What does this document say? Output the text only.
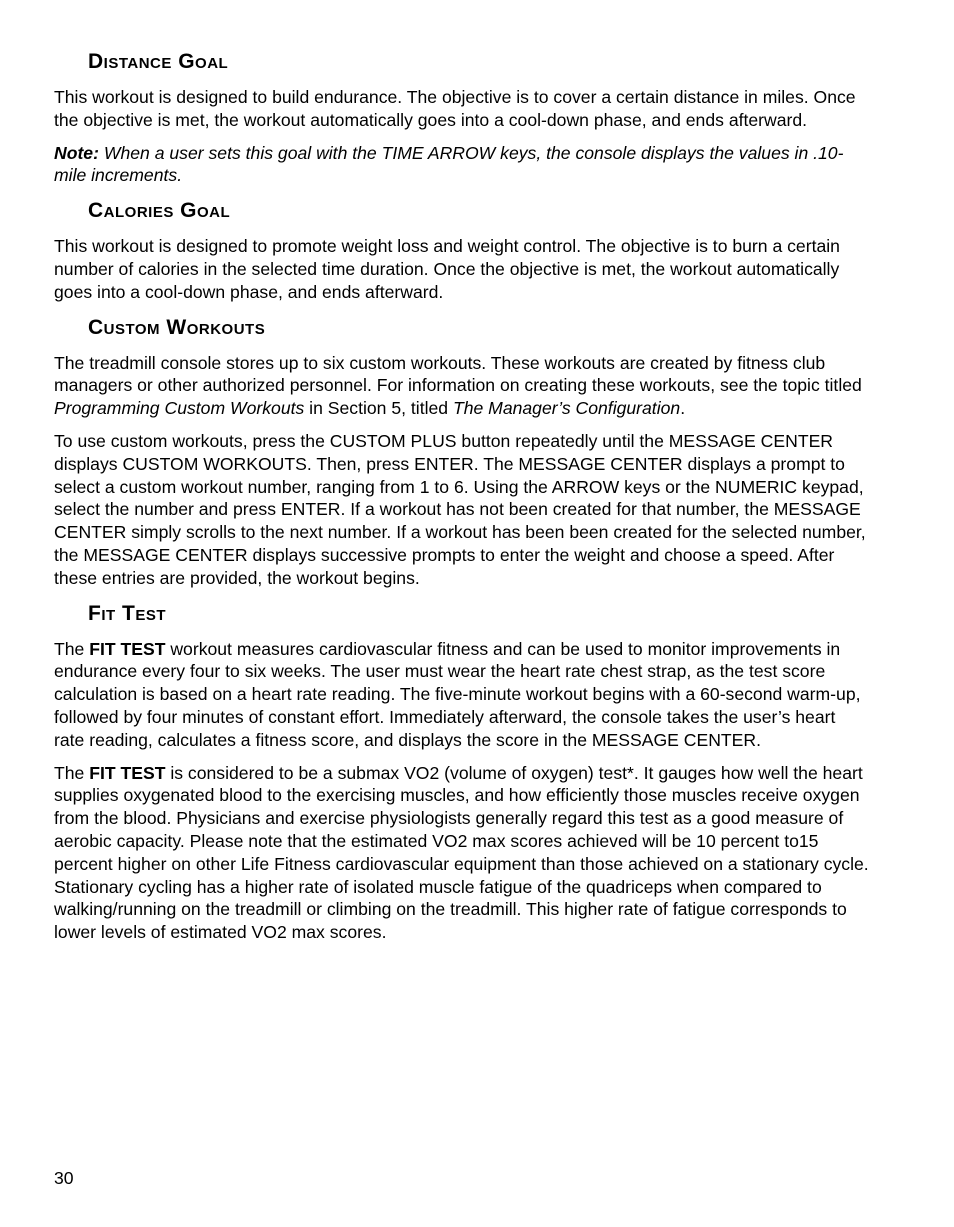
Distance Goal

This workout is designed to build endurance. The objective is to cover a certain distance in miles. Once the objective is met, the workout automatically goes into a cool-down phase, and ends afterward.

Note: When a user sets this goal with the TIME ARROW keys, the console displays the values in .10-mile increments.

Calories Goal

This workout is designed to promote weight loss and weight control. The objective is to burn a certain number of calories in the selected time duration. Once the objective is met, the workout automatically goes into a cool-down phase, and ends afterward.

Custom Workouts

The treadmill console stores up to six custom workouts. These workouts are created by fitness club managers or other authorized personnel. For information on creating these workouts, see the topic titled Programming Custom Workouts in Section 5, titled The Manager’s Configuration.

To use custom workouts, press the CUSTOM PLUS button repeatedly until the MESSAGE CENTER displays CUSTOM WORKOUTS. Then, press ENTER. The MESSAGE CENTER displays a prompt to select a custom workout number, ranging from 1 to 6. Using the ARROW keys or the NUMERIC keypad, select the number and press ENTER. If a workout has not been created for that number, the MESSAGE CENTER simply scrolls to the next number. If a workout has been been created for the selected number, the MESSAGE CENTER displays successive prompts to enter the weight and choose a speed. After these entries are provided, the workout begins.

Fit Test

The FIT TEST workout measures cardiovascular fitness and can be used to monitor improvements in endurance every four to six weeks. The user must wear the heart rate chest strap, as the test score calculation is based on a heart rate reading. The five-minute workout begins with a 60-second warm-up, followed by four minutes of constant effort. Immediately afterward, the console takes the user’s heart rate reading, calculates a fitness score, and displays the score in the MESSAGE CENTER.

The FIT TEST is considered to be a submax VO2 (volume of oxygen) test*. It gauges how well the heart supplies oxygenated blood to the exercising muscles, and how efficiently those muscles receive oxygen from the blood. Physicians and exercise physiologists generally regard this test as a good measure of aerobic capacity. Please note that the estimated VO2 max scores achieved will be 10 percent to15 percent higher on other Life Fitness cardiovascular equipment than those achieved on a stationary cycle. Stationary cycling has a higher rate of isolated muscle fatigue of the quadriceps when compared to walking/running on the treadmill or climbing on the treadmill. This higher rate of fatigue corresponds to lower levels of estimated VO2 max scores.

30
